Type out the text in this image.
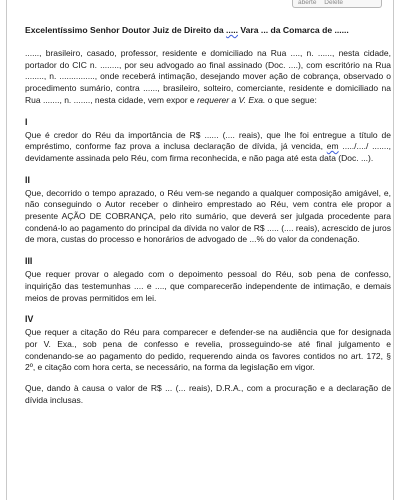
aberte Delete
Excelentíssimo Senhor Doutor Juiz de Direito da ..... Vara ... da Comarca de ......

......, brasileiro, casado, professor, residente e domiciliado na Rua ...., n. ......, nesta cidade, portador do CIC n. ........, por seu advogado ao final assinado (Doc. ....), com escritório na Rua ........, n. ..............., onde receberá intimação, desejando mover ação de cobrança, observado o procedimento sumário, contra ......, brasileiro, solteiro, comerciante, residente e domiciliado na Rua ......., n. ......., nesta cidade, vem expor e requerer a V. Exa. o que segue:

I

Que é credor do Réu da importância de R$ ...... (.... reais), que lhe foi entregue a título de empréstimo, conforme faz prova a inclusa declaração de dívida, já vencida, em ...../..../ ......., devidamente assinada pelo Réu, com firma reconhecida, e não paga até esta data (Doc. ...).

II

Que, decorrido o tempo aprazado, o Réu vem-se negando a qualquer composição amigável, e, não conseguindo o Autor receber o dinheiro emprestado ao Réu, vem contra ele propor a presente AÇÃO DE COBRANÇA, pelo rito sumário, que deverá ser julgada procedente para condená-lo ao pagamento do principal da dívida no valor de R$ ..... (.... reais), acrescido de juros de mora, custas do processo e honorários de advogado de ...% do valor da condenação.

III

Que requer provar o alegado com o depoimento pessoal do Réu, sob pena de confesso, inquirição das testemunhas .... e ...., que comparecerão independente de intimação, e demais meios de provas permitidos em lei.

IV

Que requer a citação do Réu para comparecer e defender-se na audiência que for designada por V. Exa., sob pena de confesso e revelia, prosseguindo-se até final julgamento e condenando-se ao pagamento do pedido, requerendo ainda os favores contidos no art. 172, § 2º, e citação com hora certa, se necessário, na forma da legislação em vigor.

Que, dando à causa o valor de R$ ... (... reais), D.R.A., com a procuração e a declaração de dívida inclusas.
